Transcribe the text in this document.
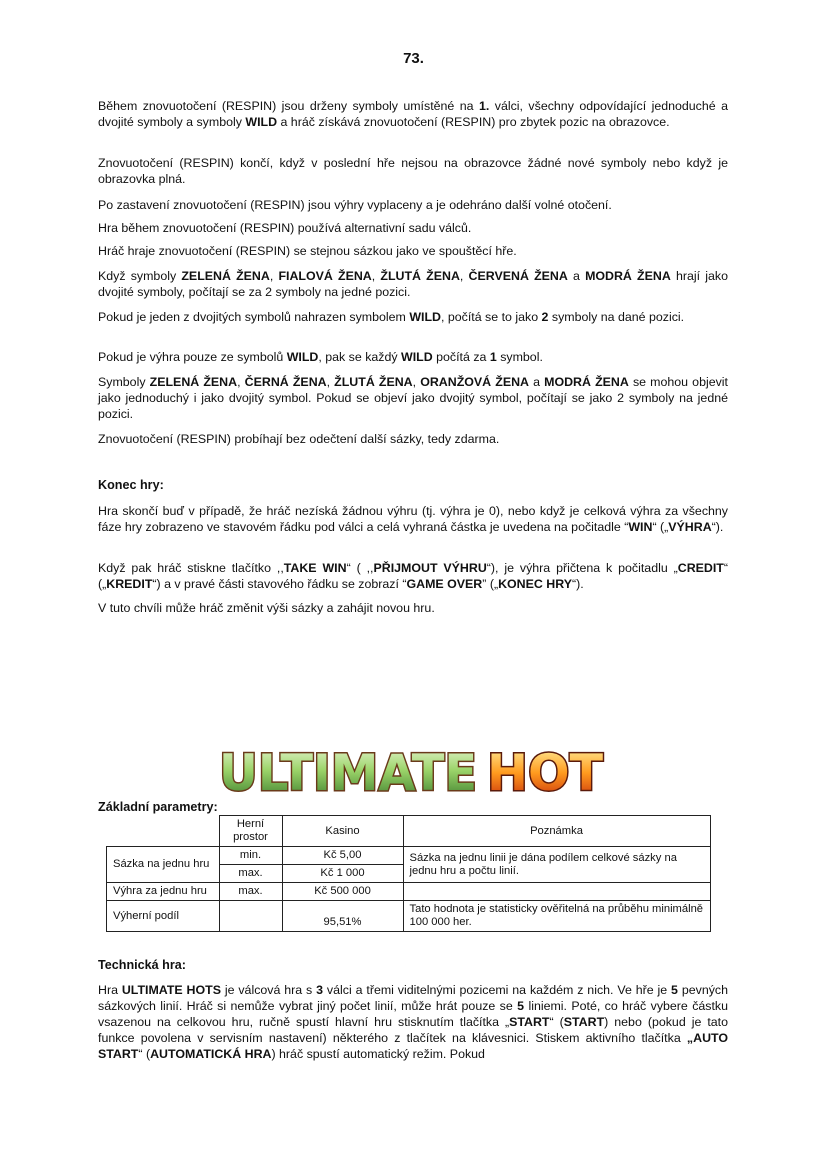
73.

Během znovuotočení (RESPIN) jsou drženy symboly umístěné na 1. válci, všechny odpovídající jednoduché a dvojité symboly a symboly WILD a hráč získává znovuotočení (RESPIN) pro zbytek pozic na obrazovce.

Znovuotočení (RESPIN) končí, když v poslední hře nejsou na obrazovce žádné nové symboly nebo když je obrazovka plná.

Po zastavení znovuotočení (RESPIN) jsou výhry vyplaceny a je odehráno další volné otočení.

Hra během znovuotočení (RESPIN) používá alternativní sadu válců.

Hráč hraje znovuotočení (RESPIN) se stejnou sázkou jako ve spouštěcí hře.

Když symboly ZELENÁ ŽENA, FIALOVÁ ŽENA, ŽLUTÁ ŽENA, ČERVENÁ ŽENA a MODRÁ ŽENA hrají jako dvojité symboly, počítají se za 2 symboly na jedné pozici.

Pokud je jeden z dvojitých symbolů nahrazen symbolem WILD, počítá se to jako 2 symboly na dané pozici.

Pokud je výhra pouze ze symbolů WILD, pak se každý WILD počítá za 1 symbol.

Symboly ZELENÁ ŽENA, ČERNÁ ŽENA, ŽLUTÁ ŽENA, ORANŽOVÁ ŽENA a MODRÁ ŽENA se mohou objevit jako jednoduchý i jako dvojitý symbol. Pokud se objeví jako dvojitý symbol, počítají se jako 2 symboly na jedné pozici.

Znovuotočení (RESPIN) probíhají bez odečtení další sázky, tedy zdarma.

Konec hry:

Hra skončí buď v případě, že hráč nezíská žádnou výhru (tj. výhra je 0), nebo když je celková výhra za všechny fáze hry zobrazeno ve stavovém řádku pod válci a celá vyhraná částka je uvedena na počitadle “WIN“ („VÝHRA“).

Když pak hráč stiskne tlačítko ,,TAKE WIN“ ( ,,PŘIJMOUT VÝHRU“), je výhra přičtena k počitadlu „CREDIT“ („KREDIT“) a v pravé části stavového řádku se zobrazí “GAME OVER” („KONEC HRY“).

V tuto chvíli může hráč změnit výši sázky a zahájit novou hru.

ULTIMATE HOT
Základní parametry:
	Herní prostor	Kasino	Poznámka
Sázka na jednu hru	min.	Kč 5,00	Sázka na jednu linii je dána podílem celkové sázky na jednu hru a počtu linií.
	max.	Kč 1 000	
Výhra za jednu hru	max.	Kč 500 000	
Výherní podíl		95,51%	Tato hodnota je statisticky ověřitelná na průběhu minimálně 100 000 her.
Technická hra:

Hra ULTIMATE HOTS je válcová hra s 3 válci a třemi viditelnými pozicemi na každém z nich. Ve hře je 5 pevných sázkových linií. Hráč si nemůže vybrat jiný počet linií, může hrát pouze se 5 liniemi. Poté, co hráč vybere částku vsazenou na celkovou hru, ručně spustí hlavní hru stisknutím tlačítka „START“ (START) nebo (pokud je tato funkce povolena v servisním nastavení) některého z tlačítek na klávesnici. Stiskem aktivního tlačítka „AUTO START“ (AUTOMATICKÁ HRA) hráč spustí automatický režim. Pokud
